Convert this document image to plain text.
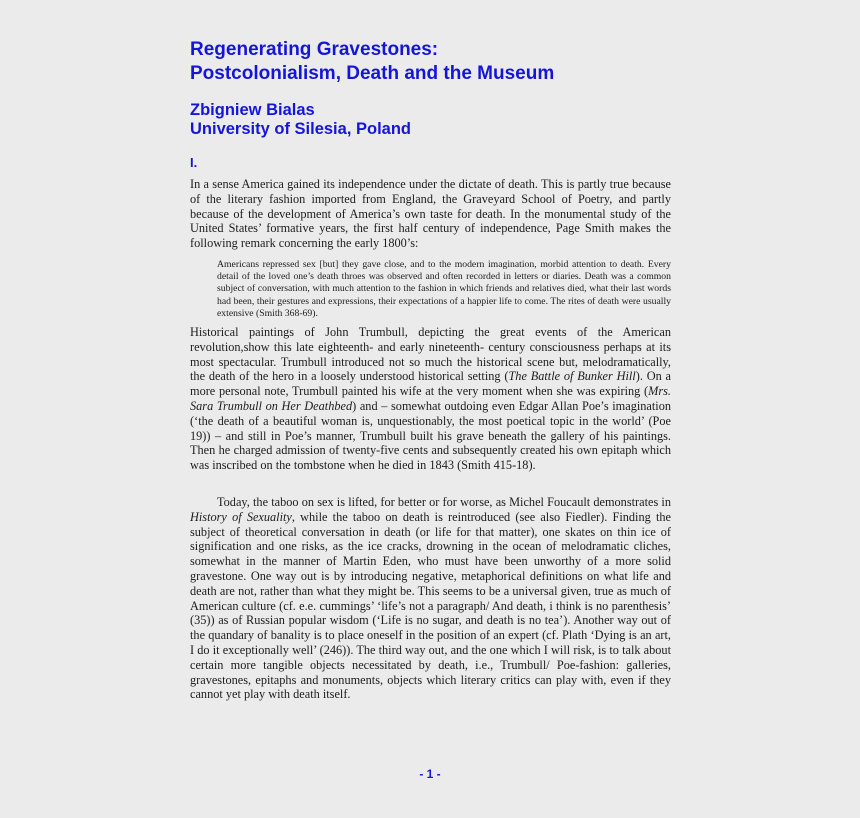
Regenerating Gravestones:
Postcolonialism, Death and the Museum
Zbigniew Bialas
University of Silesia, Poland
I.

In a sense America gained its independence under the dictate of death. This is partly true because of the literary fashion imported from England, the Graveyard School of Poetry, and partly because of the development of America’s own taste for death. In the monumental study of the United States’ formative years, the first half century of independence, Page Smith makes the following remark concerning the early 1800’s:

Americans repressed sex [but] they gave close, and to the modern imagination, morbid attention to death. Every detail of the loved one’s death throes was observed and often recorded in letters or diaries. Death was a common subject of conversation, with much attention to the fashion in which friends and relatives died, what their last words had been, their gestures and expressions, their expectations of a happier life to come. The rites of death were usually extensive (Smith 368-69).

Historical paintings of John Trumbull, depicting the great events of the American revolution,show this late eighteenth- and early nineteenth- century consciousness perhaps at its most spectacular. Trumbull introduced not so much the historical scene but, melodramatically, the death of the hero in a loosely understood historical setting (The Battle of Bunker Hill). On a more personal note, Trumbull painted his wife at the very moment when she was expiring (Mrs. Sara Trumbull on Her Deathbed) and – somewhat outdoing even Edgar Allan Poe’s imagination (‘the death of a beautiful woman is, unquestionably, the most poetical topic in the world’ (Poe 19)) – and still in Poe’s manner, Trumbull built his grave beneath the gallery of his paintings. Then he charged admission of twenty-five cents and subsequently created his own epitaph which was inscribed on the tombstone when he died in 1843 (Smith 415-18).

Today, the taboo on sex is lifted, for better or for worse, as Michel Foucault demonstrates in History of Sexuality, while the taboo on death is reintroduced (see also Fiedler). Finding the subject of theoretical conversation in death (or life for that matter), one skates on thin ice of signification and one risks, as the ice cracks, drowning in the ocean of melodramatic cliches, somewhat in the manner of Martin Eden, who must have been unworthy of a more solid gravestone. One way out is by introducing negative, metaphorical definitions on what life and death are not, rather than what they might be. This seems to be a universal given, true as much of American culture (cf. e.e. cummings’ ‘life’s not a paragraph/ And death, i think is no parenthesis’ (35)) as of Russian popular wisdom (‘Life is no sugar, and death is no tea’). Another way out of the quandary of banality is to place oneself in the position of an expert (cf. Plath ‘Dying is an art, I do it exceptionally well’ (246)). The third way out, and the one which I will risk, is to talk about certain more tangible objects necessitated by death, i.e., Trumbull/ Poe-fashion: galleries, gravestones, epitaphs and monuments, objects which literary critics can play with, even if they cannot yet play with death itself.

- 1 -
